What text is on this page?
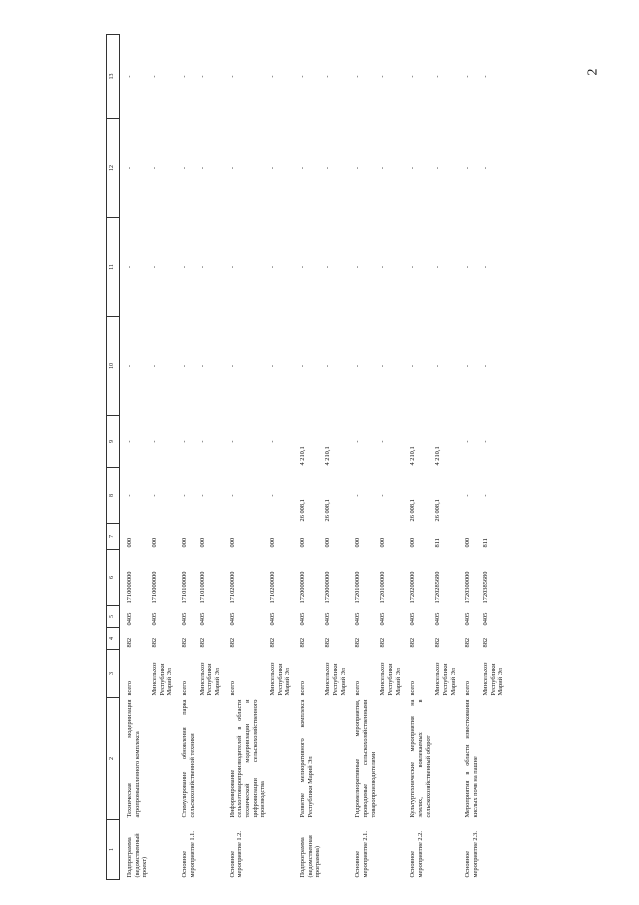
2
1	2	3	4	5	6	7	8	9	10	11	12	13
Подпрограмма (ведомственный проект)	Техническая модернизация агропромышленного комплекса	всего	882	0405	1710000000	000	-	-	-	-	-	-
		Минсельхоз Республики Марий Эл	882	0405	1710000000	000	-	-	-	-	-	-
Основное мероприятие 1.1.	Стимулирование обновления парка сельскохозяйственной техники	всего	882	0405	1710100000	000	-	-	-	-	-	-
		Минсельхоз Республики Марий Эл	882	0405	1710100000	000	-	-	-	-	-	-
Основное мероприятие 1.2.	Информирование сельхозтоваропроизводителей в области технической модернизации и цифровизации сельскохозяйственного производства	всего	882	0405	1710200000	000	-	-	-	-	-	-
		Минсельхоз Республики Марий Эл	882	0405	1710200000	000	-	-	-	-	-	-
Подпрограмма (ведомственная программа)	Развитие мелиоративного комплекса Республики Марий Эл	всего	882	0405	1720000000	000	26 008,1	4 210,1	-	-	-	-
		Минсельхоз Республики Марий Эл	882	0405	1720000000	000	26 008,1	4 210,1	-	-	-	-
Основное мероприятие 2.1.	Гидромелиоративные мероприятия, проводимые сельскохозяйственными товаропроизводителями	всего	882	0405	1720100000	000	-	-	-	-	-	-
		Минсельхоз Республики Марий Эл	882	0405	1720100000	000	-	-	-	-	-	-
Основное мероприятие 2.2.	Культуртехнические мероприятия на землях, вовлекаемых в сельскохозяйственный оборот	всего	882	0405	1720200000	000	26 008,1	4 210,1	-	-	-	-
		Минсельхоз Республики Марий Эл	882	0405	1720285680	811	26 008,1	4 210,1	-	-	-	-
Основное мероприятие 2.3.	Мероприятия в области известкования кислых почв на пашне	всего	882	0405	1720300000	000	-	-	-	-	-	-
		Минсельхоз Республики Марий Эл	882	0405	1720385680	811	-	-	-	-	-	-
